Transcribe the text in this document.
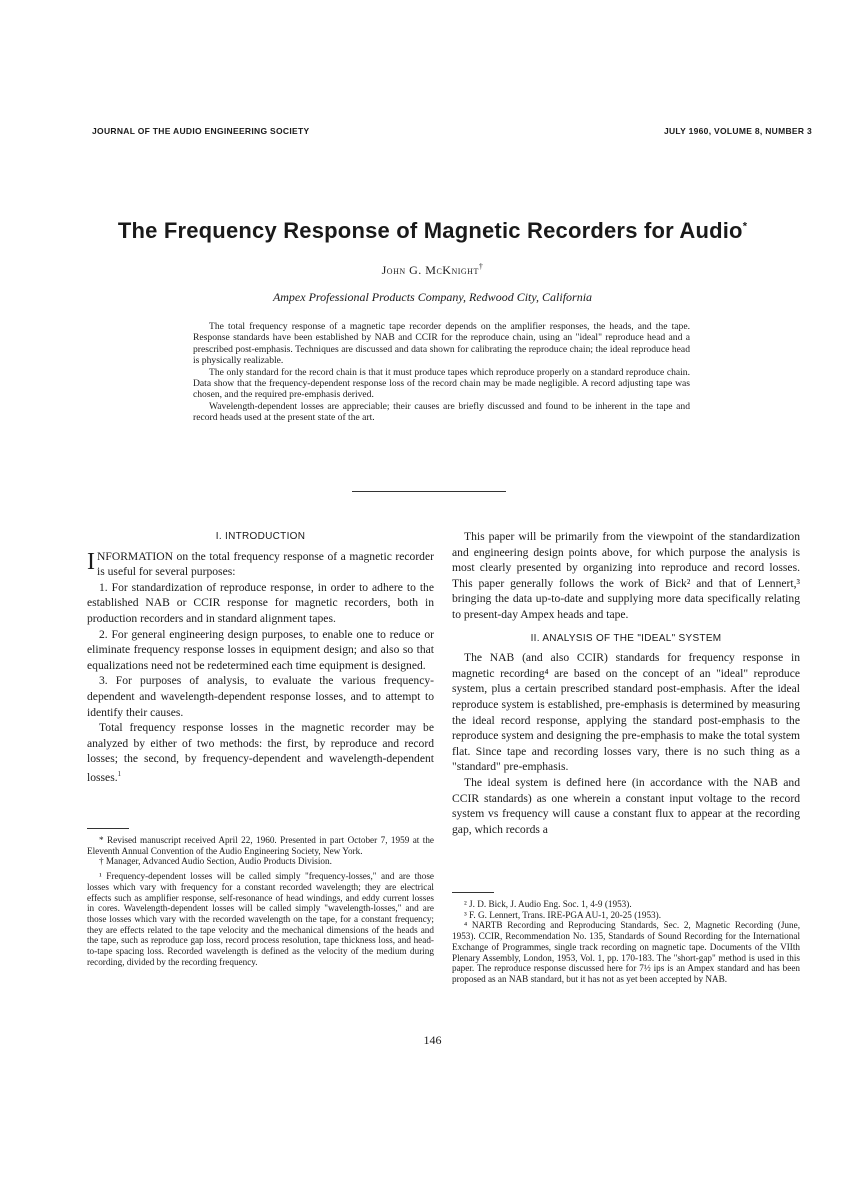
JOURNAL OF THE AUDIO ENGINEERING SOCIETY	JULY 1960, VOLUME 8, NUMBER 3
The Frequency Response of Magnetic Recorders for Audio*
John G. McKnight†
Ampex Professional Products Company, Redwood City, California

The total frequency response of a magnetic tape recorder depends on the amplifier responses, the heads, and the tape. Response standards have been established by NAB and CCIR for the reproduce chain, using an "ideal" reproduce head and a prescribed post-emphasis. Techniques are discussed and data shown for calibrating the reproduce chain; the ideal reproduce head is physically realizable.

The only standard for the record chain is that it must produce tapes which reproduce properly on a standard reproduce chain. Data show that the frequency-dependent response loss of the record chain may be made negligible. A record adjusting tape was chosen, and the required pre-emphasis derived.

Wavelength-dependent losses are appreciable; their causes are briefly discussed and found to be inherent in the tape and record heads used at the present state of the art.

I. INTRODUCTION

INFORMATION on the total frequency response of a magnetic recorder is useful for several purposes:

1. For standardization of reproduce response, in order to adhere to the established NAB or CCIR response for magnetic recorders, both in production recorders and in standard alignment tapes.

2. For general engineering design purposes, to enable one to reduce or eliminate frequency response losses in equipment design; and also so that equalizations need not be redetermined each time equipment is designed.

3. For purposes of analysis, to evaluate the various frequency-dependent and wavelength-dependent response losses, and to attempt to identify their causes.

Total frequency response losses in the magnetic recorder may be analyzed by either of two methods: the first, by reproduce and record losses; the second, by frequency-dependent and wavelength-dependent losses.$^1$

* Revised manuscript received April 22, 1960. Presented in part October 7, 1959 at the Eleventh Annual Convention of the Audio Engineering Society, New York.

† Manager, Advanced Audio Section, Audio Products Division.

¹ Frequency-dependent losses will be called simply "frequency-losses," and are those losses which vary with frequency for a constant recorded wavelength; they are electrical effects such as amplifier response, self-resonance of head windings, and eddy current losses in cores. Wavelength-dependent losses will be called simply "wavelength-losses," and are those losses which vary with the recorded wavelength on the tape, for a constant frequency; they are effects related to the tape velocity and the mechanical dimensions of the heads and the tape, such as reproduce gap loss, record process resolution, tape thickness loss, and head-to-tape spacing loss. Recorded wavelength is defined as the velocity of the medium during recording, divided by the recording frequency.

This paper will be primarily from the viewpoint of the standardization and engineering design points above, for which purpose the analysis is most clearly presented by organizing into reproduce and record losses. This paper generally follows the work of Bick² and that of Lennert,³ bringing the data up-to-date and supplying more data specifically relating to present-day Ampex heads and tape.

II. ANALYSIS OF THE "IDEAL" SYSTEM

The NAB (and also CCIR) standards for frequency response in magnetic recording⁴ are based on the concept of an "ideal" reproduce system, plus a certain prescribed standard post-emphasis. After the ideal reproduce system is established, pre-emphasis is determined by measuring the ideal record response, applying the standard post-emphasis to the reproduce system and designing the pre-emphasis to make the total system flat. Since tape and recording losses vary, there is no such thing as a "standard" pre-emphasis.

The ideal system is defined here (in accordance with the NAB and CCIR standards) as one wherein a constant input voltage to the record system vs frequency will cause a constant flux to appear at the recording gap, which records a

² J. D. Bick, J. Audio Eng. Soc. 1, 4-9 (1953).

³ F. G. Lennert, Trans. IRE-PGA AU-1, 20-25 (1953).

⁴ NARTB Recording and Reproducing Standards, Sec. 2, Magnetic Recording (June, 1953). CCIR, Recommendation No. 135, Standards of Sound Recording for the International Exchange of Programmes, single track recording on magnetic tape. Documents of the VIIth Plenary Assembly, London, 1953, Vol. 1, pp. 170-183. The "short-gap" method is used in this paper. The reproduce response discussed here for 7½ ips is an Ampex standard and has been proposed as an NAB standard, but it has not as yet been accepted by NAB.

146
